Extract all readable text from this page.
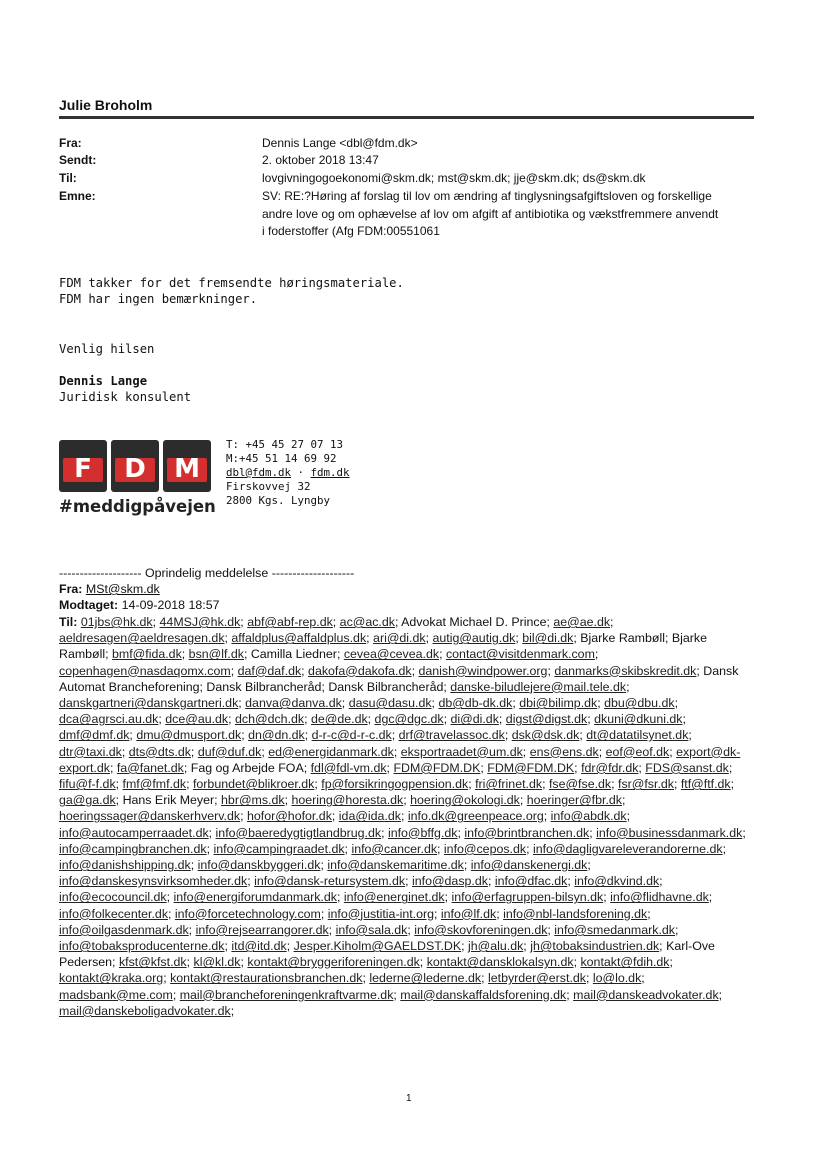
Julie Broholm
Fra:	Dennis Lange <dbl@fdm.dk>
Sendt:	2. oktober 2018 13:47
Til:	lovgivningogoekonomi@skm.dk; mst@skm.dk; jje@skm.dk; ds@skm.dk
Emne:	SV: RE:?Høring af forslag til lov om ændring af tinglysningsafgiftsloven og forskellige andre love og om ophævelse af lov om afgift af antibiotika og vækstfremmere anvendt i foderstoffer (Afg FDM:00551061
FDM takker for det fremsendte høringsmateriale.
FDM har ingen bemærkninger.
Venlig hilsen
Dennis Lange
Juridisk konsulent
F	D	M
#meddigpåvejen
T: +45 45 27 07 13
M:+45 51 14 69 92
dbl@fdm.dk · fdm.dk
Firskovvej 32
2800 Kgs. Lyngby
-------------------- Oprindelig meddelelse --------------------
Fra: MSt@skm.dk
Modtaget: 14-09-2018 18:57
Til: 01jbs@hk.dk; 44MSJ@hk.dk; abf@abf-rep.dk; ac@ac.dk; Advokat Michael D. Prince; ae@ae.dk; aeldresagen@aeldresagen.dk; affaldplus@affaldplus.dk; ari@di.dk; autig@autig.dk; bil@di.dk; Bjarke Rambøll; Bjarke Rambøll; bmf@fida.dk; bsn@lf.dk; Camilla Liedner; cevea@cevea.dk; contact@visitdenmark.com; copenhagen@nasdaqomx.com; daf@daf.dk; dakofa@dakofa.dk; danish@windpower.org; danmarks@skibskredit.dk; Dansk Automat Brancheforening; Dansk Bilbrancheråd; Dansk Bilbrancheråd; danske-biludlejere@mail.tele.dk; danskgartneri@danskgartneri.dk; danva@danva.dk; dasu@dasu.dk; db@db-dk.dk; dbi@bilimp.dk; dbu@dbu.dk; dca@agrsci.au.dk; dce@au.dk; dch@dch.dk; de@de.dk; dgc@dgc.dk; di@di.dk; digst@digst.dk; dkuni@dkuni.dk; dmf@dmf.dk; dmu@dmusport.dk; dn@dn.dk; d-r-c@d-r-c.dk; drf@travelassoc.dk; dsk@dsk.dk; dt@datatilsynet.dk; dtr@taxi.dk; dts@dts.dk; duf@duf.dk; ed@energidanmark.dk; eksportraadet@um.dk; ens@ens.dk; eof@eof.dk; export@dk-export.dk; fa@fanet.dk; Fag og Arbejde FOA; fdl@fdl-vm.dk; FDM@FDM.DK; FDM@FDM.DK; fdr@fdr.dk; FDS@sanst.dk; fifu@f-f.dk; fmf@fmf.dk; forbundet@blikroer.dk; fp@forsikringogpension.dk; fri@frinet.dk; fse@fse.dk; fsr@fsr.dk; ftf@ftf.dk; ga@ga.dk; Hans Erik Meyer; hbr@ms.dk; hoering@horesta.dk; hoering@okologi.dk; hoeringer@fbr.dk; hoeringssager@danskerhverv.dk; hofor@hofor.dk; ida@ida.dk; info.dk@greenpeace.org; info@abdk.dk; info@autocamperraadet.dk; info@baeredygtigtlandbrug.dk; info@bffg.dk; info@brintbranchen.dk; info@businessdanmark.dk; info@campingbranchen.dk; info@campingraadet.dk; info@cancer.dk; info@cepos.dk; info@dagligvareleverandorerne.dk; info@danishshipping.dk; info@danskbyggeri.dk; info@danskemaritime.dk; info@danskenergi.dk; info@danskesynsvirksomheder.dk; info@dansk-retursystem.dk; info@dasp.dk; info@dfac.dk; info@dkvind.dk; info@ecocouncil.dk; info@energiforumdanmark.dk; info@energinet.dk; info@erfagruppen-bilsyn.dk; info@flidhavne.dk; info@folkecenter.dk; info@forcetechnology.com; info@justitia-int.org; info@lf.dk; info@nbl-landsforening.dk; info@oilgasdenmark.dk; info@rejsearrangorer.dk; info@sala.dk; info@skovforeningen.dk; info@smedanmark.dk; info@tobaksproducenterne.dk; itd@itd.dk; Jesper.Kiholm@GAELDST.DK; jh@alu.dk; jh@tobaksindustrien.dk; Karl-Ove Pedersen; kfst@kfst.dk; kl@kl.dk; kontakt@bryggeriforeningen.dk; kontakt@dansklokalsyn.dk; kontakt@fdih.dk; kontakt@kraka.org; kontakt@restaurationsbranchen.dk; lederne@lederne.dk; letbyrder@erst.dk; lo@lo.dk; madsbank@me.com; mail@brancheforeningenkraftvarme.dk; mail@danskaffaldsforening.dk; mail@danskeadvokater.dk; mail@danskeboligadvokater.dk;
1
